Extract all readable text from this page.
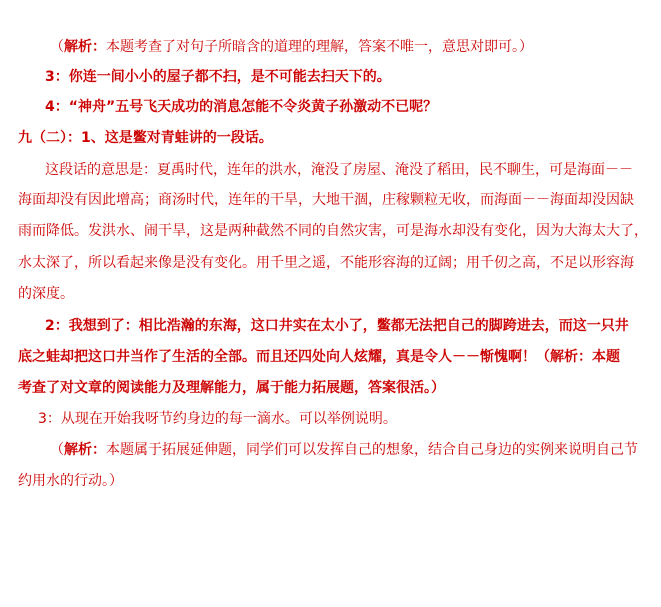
（解析：本题考查了对句子所暗含的道理的理解，答案不唯一，意思对即可。）
3：你连一间小小的屋子都不扫，是不可能去扫天下的。
4：“神舟”五号飞天成功的消息怎能不令炎黄子孙激动不已呢？
九（二）：1、这是鳖对青蛙讲的一段话。
这段话的意思是：夏禹时代，连年的洪水，淹没了房屋、淹没了稻田，民不聊生，可是海面－－
海面却没有因此增高；商汤时代，连年的干旱，大地干涸，庄稼颗粒无收，而海面－－海面却没因缺
雨而降低。发洪水、闹干旱，这是两种截然不同的自然灾害，可是海水却没有变化，因为大海太大了，
水太深了，所以看起来像是没有变化。用千里之遥，不能形容海的辽阔；用千仞之高，不足以形容海
的深度。
2：我想到了：相比浩瀚的东海，这口井实在太小了，鳖都无法把自己的脚跨进去，而这一只井
底之蛙却把这口井当作了生活的全部。而且还四处向人炫耀，真是令人－－惭愧啊！（解析：本题
考查了对文章的阅读能力及理解能力，属于能力拓展题，答案很活。）
3：从现在开始我呀节约身边的每一滴水。可以举例说明。
（解析：本题属于拓展延伸题，同学们可以发挥自己的想象，结合自己身边的实例来说明自己节
约用水的行动。）
